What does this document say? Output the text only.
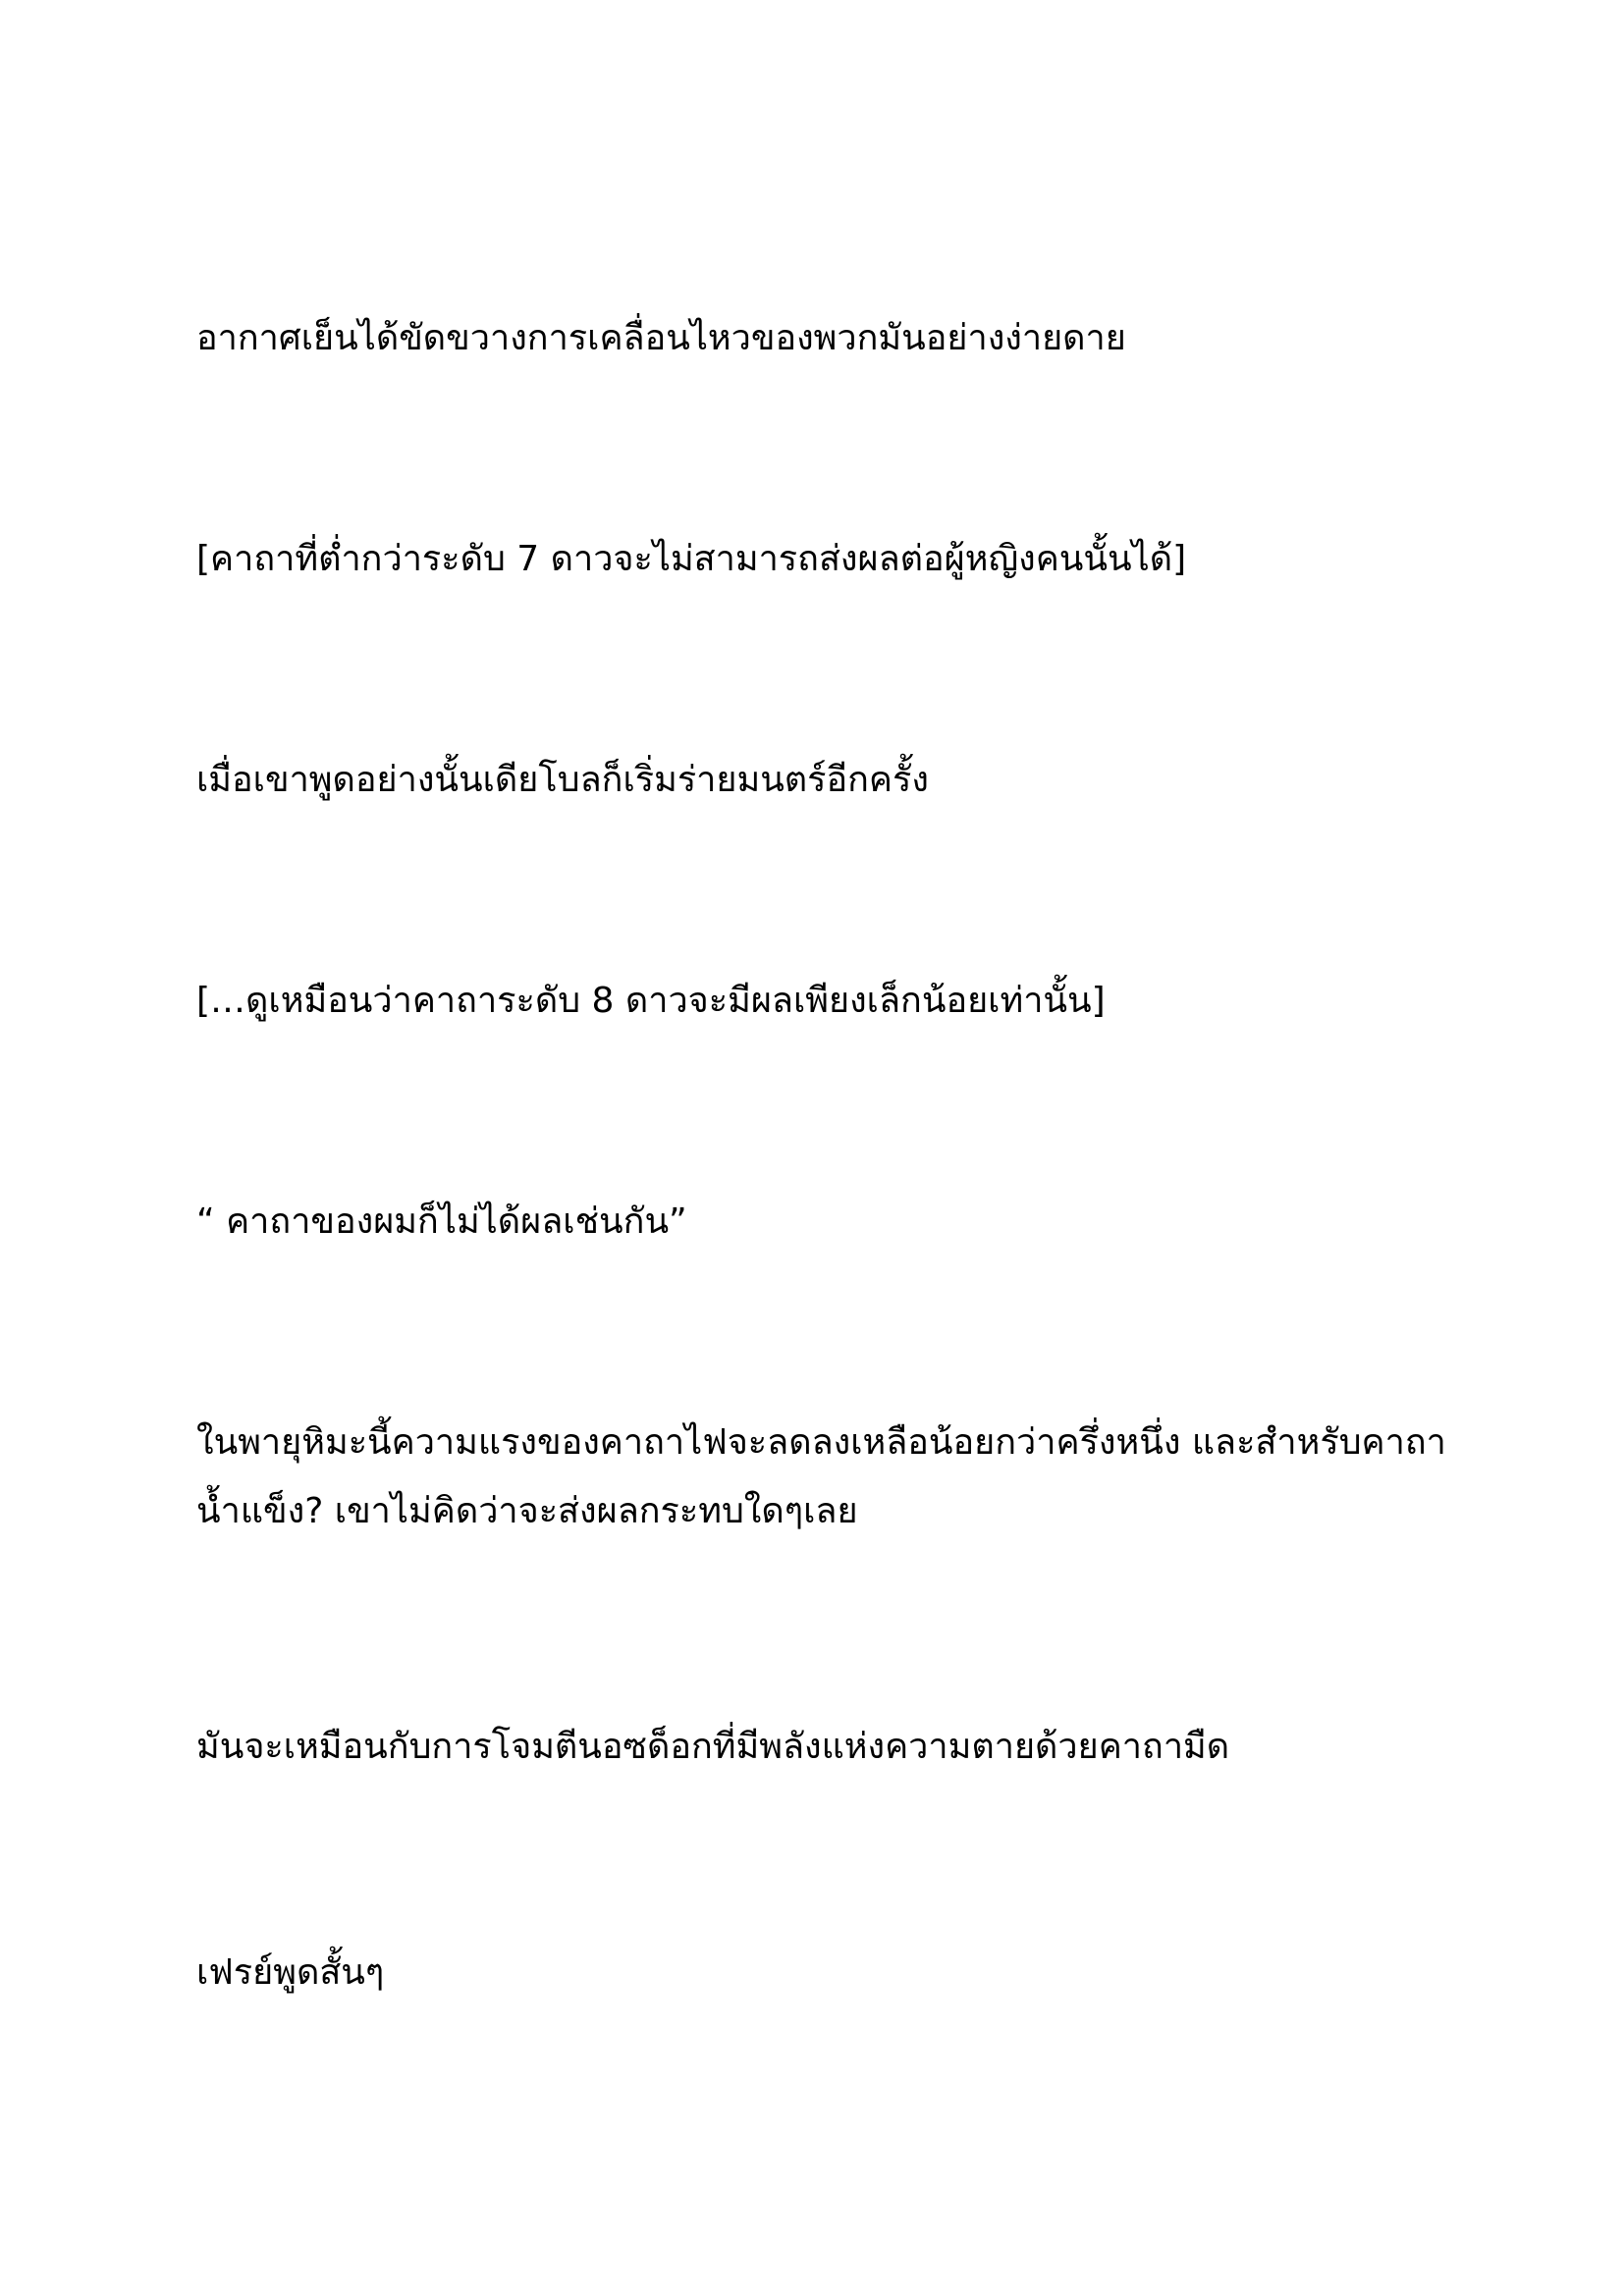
อากาศเย็นได้ขัดขวางการเคลื่อนไหวของพวกมันอย่างง่ายดาย

[คาถาที่ต่ำกว่าระดับ 7 ดาวจะไม่สามารถส่งผลต่อผู้หญิงคนนั้นได้]

เมื่อเขาพูดอย่างนั้นเดียโบลก็เริ่มร่ายมนตร์อีกครั้ง

[…ดูเหมือนว่าคาถาระดับ 8 ดาวจะมีผลเพียงเล็กน้อยเท่านั้น]

“ คาถาของผมก็ไม่ได้ผลเช่นกัน”

ในพายุหิมะนี้ความแรงของคาถาไฟจะลดลงเหลือน้อยกว่าครึ่งหนึ่ง และสำหรับคาถา
น้ำแข็ง? เขาไม่คิดว่าจะส่งผลกระทบใดๆเลย

มันจะเหมือนกับการโจมตีนอซด็อกที่มีพลังแห่งความตายด้วยคาถามืด

เฟรย์พูดสั้นๆ
